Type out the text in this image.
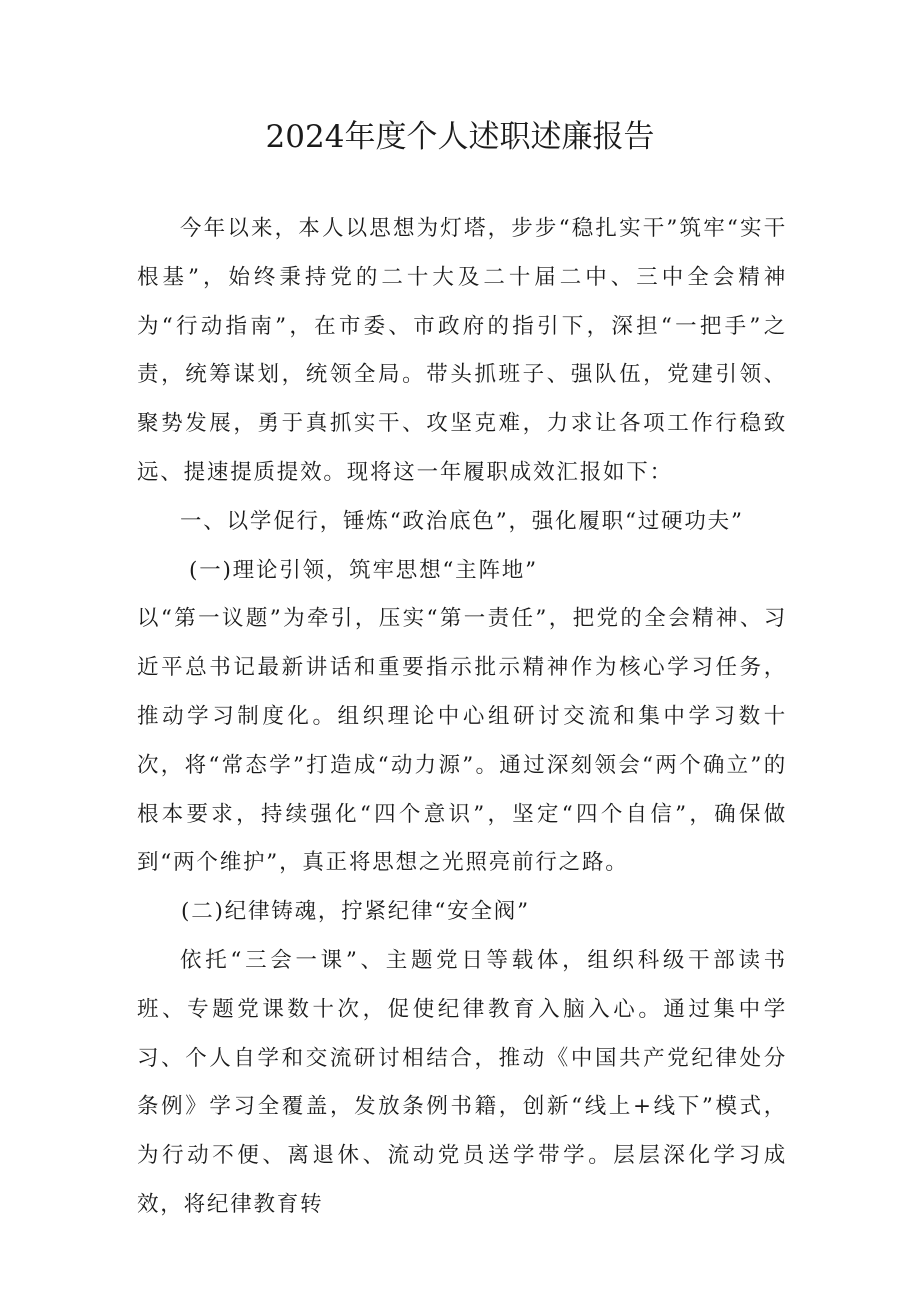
2024年度个人述职述廉报告

今年以来，本人以思想为灯塔，步步“稳扎实干”筑牢“实干根基”，始终秉持党的二十大及二十届二中、三中全会精神为“行动指南”，在市委、市政府的指引下，深担“一把手”之责，统筹谋划，统领全局。带头抓班子、强队伍，党建引领、聚势发展，勇于真抓实干、攻坚克难，力求让各项工作行稳致远、提速提质提效。现将这一年履职成效汇报如下：

一、以学促行，锤炼“政治底色”，强化履职“过硬功夫”

(一)理论引领，筑牢思想“主阵地”

以“第一议题”为牵引，压实“第一责任”，把党的全会精神、习近平总书记最新讲话和重要指示批示精神作为核心学习任务，推动学习制度化。组织理论中心组研讨交流和集中学习数十次，将“常态学”打造成“动力源”。通过深刻领会“两个确立”的根本要求，持续强化“四个意识”，坚定“四个自信”，确保做到“两个维护”，真正将思想之光照亮前行之路。

(二)纪律铸魂，拧紧纪律“安全阀”

依托“三会一课”、主题党日等载体，组织科级干部读书班、专题党课数十次，促使纪律教育入脑入心。通过集中学习、个人自学和交流研讨相结合，推动《中国共产党纪律处分条例》学习全覆盖，发放条例书籍，创新“线上+线下”模式，为行动不便、离退休、流动党员送学带学。层层深化学习成效，将纪律教育转
